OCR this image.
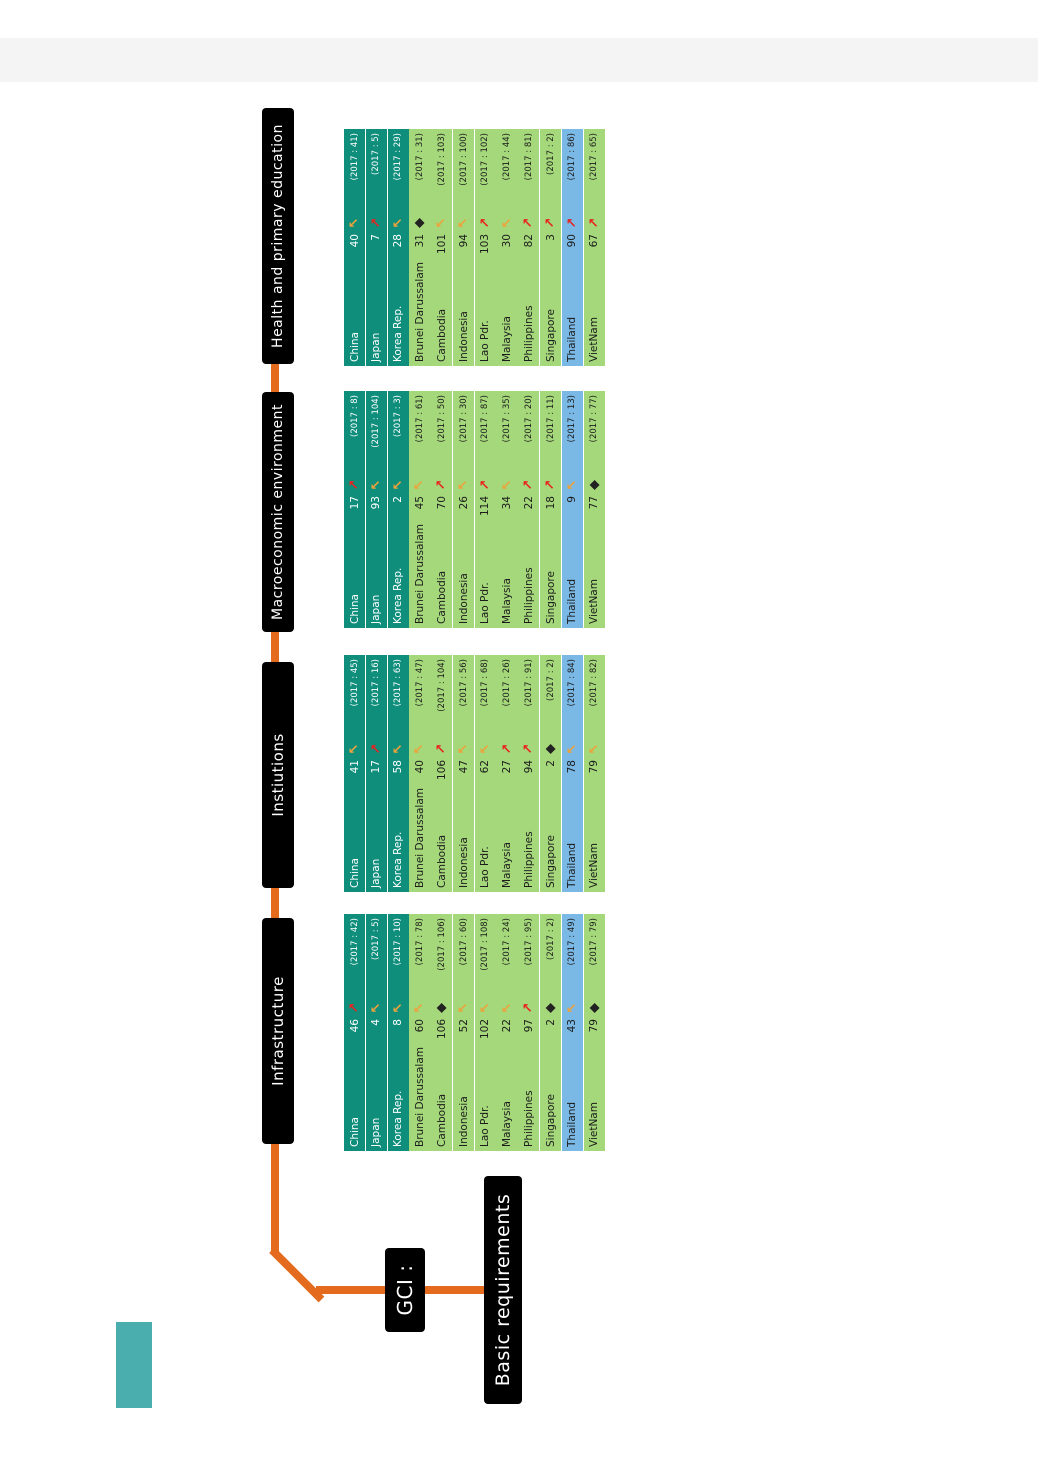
GCI :	Basic requirements
Infrastructure
Instiutions
Macroeconomic environment
Health and primary education
China
46
↗
(2017 : 42)
Japan
4
↖
(2017 : 5)
Korea Rep.
8
↖
(2017 : 10)
Brunei Darussalam
60
↖
(2017 : 78)
Cambodia
106
◆
(2017 : 106)
Indonesia
52
↖
(2017 : 60)
Lao Pdr.
102
↖
(2017 : 108)
Malaysia
22
↖
(2017 : 24)
Philippines
97
↗
(2017 : 95)
Singapore
2
◆
(2017 : 2)
Thailand
43
↖
(2017 : 49)
VietNam
79
◆
(2017 : 79)
China
41
↖
(2017 : 45)
Japan
17
↗
(2017 : 16)
Korea Rep.
58
↖
(2017 : 63)
Brunei Darussalam
40
↖
(2017 : 47)
Cambodia
106
↗
(2017 : 104)
Indonesia
47
↖
(2017 : 56)
Lao Pdr.
62
↖
(2017 : 68)
Malaysia
27
↗
(2017 : 26)
Philippines
94
↗
(2017 : 91)
Singapore
2
◆
(2017 : 2)
Thailand
78
↖
(2017 : 84)
VietNam
79
↖
(2017 : 82)
China
17
↗
(2017 : 8)
Japan
93
↖
(2017 : 104)
Korea Rep.
2
↖
(2017 : 3)
Brunei Darussalam
45
↖
(2017 : 61)
Cambodia
70
↗
(2017 : 50)
Indonesia
26
↖
(2017 : 30)
Lao Pdr.
114
↗
(2017 : 87)
Malaysia
34
↖
(2017 : 35)
Philippines
22
↗
(2017 : 20)
Singapore
18
↗
(2017 : 11)
Thailand
9
↖
(2017 : 13)
VietNam
77
◆
(2017 : 77)
China
40
↖
(2017 : 41)
Japan
7
↗
(2017 : 5)
Korea Rep.
28
↖
(2017 : 29)
Brunei Darussalam
31
◆
(2017 : 31)
Cambodia
101
↖
(2017 : 103)
Indonesia
94
↖
(2017 : 100)
Lao Pdr.
103
↗
(2017 : 102)
Malaysia
30
↖
(2017 : 44)
Philippines
82
↗
(2017 : 81)
Singapore
3
↗
(2017 : 2)
Thailand
90
↗
(2017 : 86)
VietNam
67
↗
(2017 : 65)
